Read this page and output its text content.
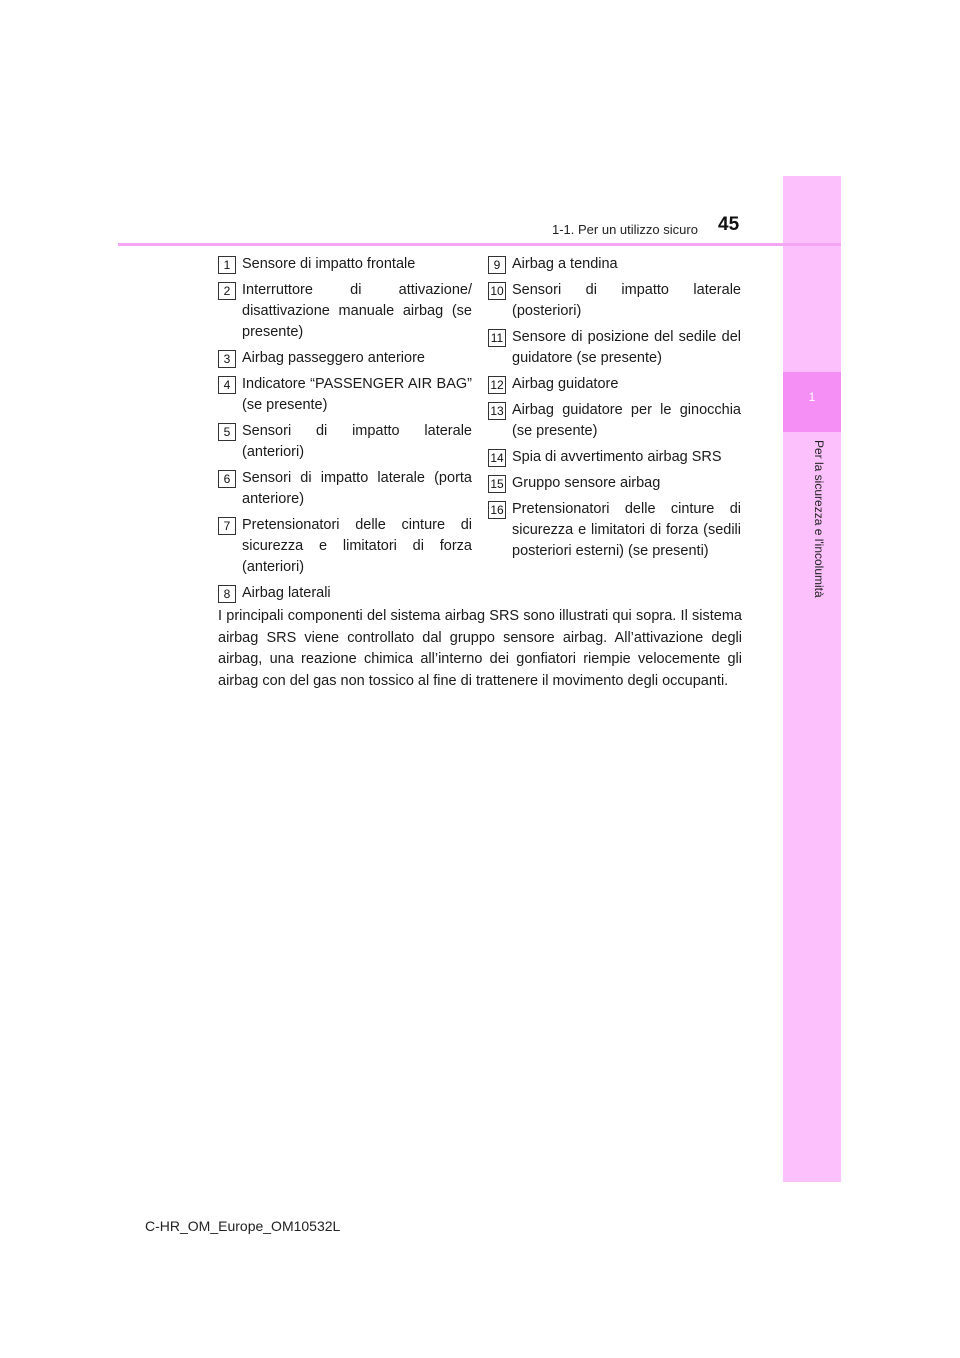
1
Per la sicurezza e l'incolumità
1-1. Per un utilizzo sicuro 45
1 Sensore di impatto frontale
2 Interruttore di attivazione/ disattivazione manuale airbag (se presente)
3 Airbag passeggero anteriore
4 Indicatore “PASSENGER AIR BAG” (se presente)
5 Sensori di impatto laterale (anteriori)
6 Sensori di impatto laterale (porta anteriore)
7 Pretensionatori delle cinture di sicurezza e limitatori di forza (anteriori)
8 Airbag laterali
9 Airbag a tendina
10 Sensori di impatto laterale (posteriori)
11 Sensore di posizione del sedile del guidatore (se presente)
12 Airbag guidatore
13 Airbag guidatore per le ginocchia (se presente)
14 Spia di avvertimento airbag SRS
15 Gruppo sensore airbag
16 Pretensionatori delle cinture di sicurezza e limitatori di forza (sedili posteriori esterni) (se presenti)
I principali componenti del sistema airbag SRS sono illustrati qui sopra. Il sistema airbag SRS viene controllato dal gruppo sensore airbag. All’attivazione degli airbag, una reazione chimica all’interno dei gonfiatori riempie velocemente gli airbag con del gas non tossico al fine di trattenere il movimento degli occupanti.
C-HR_OM_Europe_OM10532L
